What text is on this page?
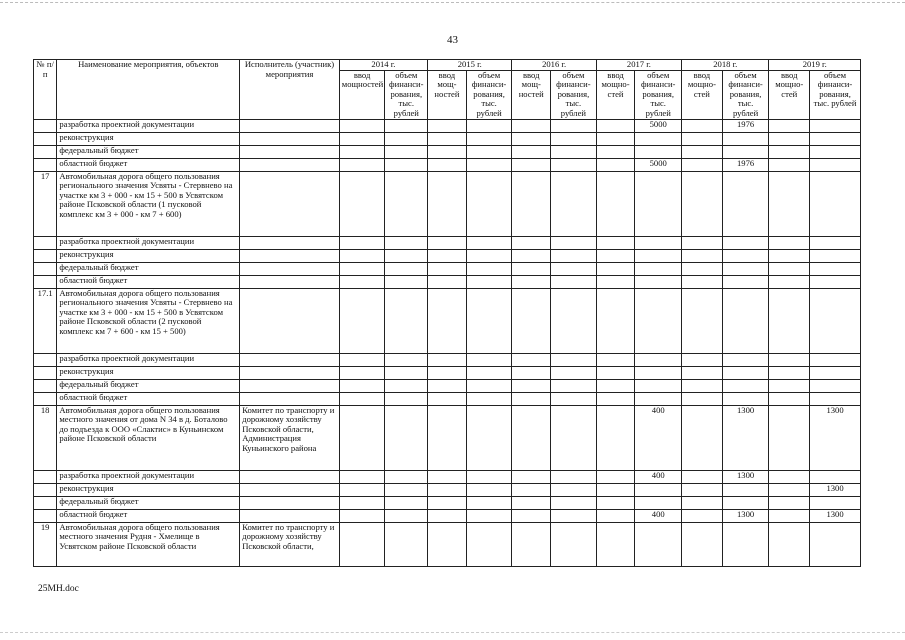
43
№ п/п	Наименование мероприятия, объектов	Исполнитель (участник) мероприятия	2014 г.		2015 г.		2016 г.		2017 г.		2018 г.		2019 г.	
			ввод мощностей	объем финанси-рования, тыс. рублей	ввод мощ-ностей	объем финанси-рования, тыс. рублей	ввод мощ-ностей	объем финанси-рования, тыс. рублей	ввод мощно-стей	объем финанси-рования, тыс. рублей	ввод мощно-стей	объем финанси-рования, тыс. рублей	ввод мощно-стей	объем финанси-рования, тыс. рублей
	разработка проектной документации									5000		1976		
	реконструкция													
	федеральный бюджет													
	областной бюджет									5000		1976		
17	Автомобильная дорога общего пользования регионального значения Усвяты - Стервнево на участке км 3 + 000 - км 15 + 500 в Усвятском районе Псковской области (1 пусковой комплекс км 3 + 000 - км 7 + 600)													
	разработка проектной документации													
	реконструкция													
	федеральный бюджет													
	областной бюджет													
17.1	Автомобильная дорога общего пользования регионального значения Усвяты - Стервнево на участке км 3 + 000 - км 15 + 500 в Усвятском районе Псковской области (2 пусковой комплекс км 7 + 600 - км 15 + 500)													
	разработка проектной документации													
	реконструкция													
	федеральный бюджет													
	областной бюджет													
18	Автомобильная дорога общего пользования местного значения от дома N 34 в д. Боталово до подъезда к ООО «Слактис» в Куньинском районе Псковской области	Комитет по транспорту и дорожному хозяйству Псковской области, Администрация Куньинского района								400		1300		1300
	разработка проектной документации									400		1300		
	реконструкция													1300
	федеральный бюджет													
	областной бюджет									400		1300		1300
19	Автомобильная дорога общего пользования местного значения Рудня - Хмелище в Усвятском районе Псковской области	Комитет по транспорту и дорожному хозяйству Псковской области,												
25МН.doc
